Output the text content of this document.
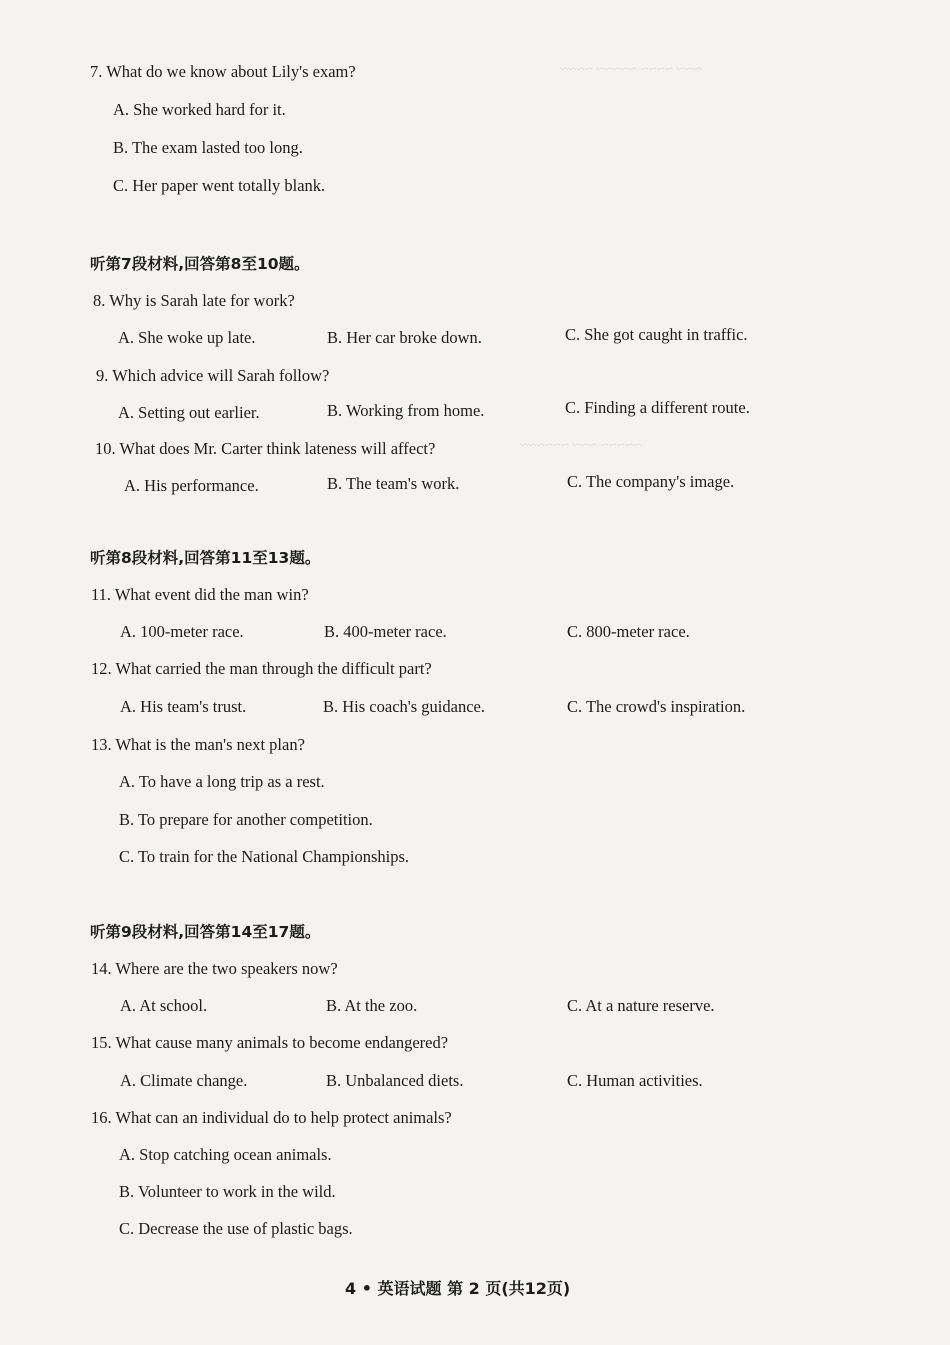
~~~ ~~~~ ~~~~~ ~~~~
~~~~~ ~~~ ~~~~~~
7. What do we know about Lily's exam?
A. She worked hard for it.
B. The exam lasted too long.
C. Her paper went totally blank.
听第7段材料,回答第8至10题。
8. Why is Sarah late for work?
A. She woke up late.	B. Her car broke down.	C. She got caught in traffic.
9. Which advice will Sarah follow?
A. Setting out earlier.	B. Working from home.	C. Finding a different route.
10. What does Mr. Carter think lateness will affect?
A. His performance.	B. The team's work.	C. The company's image.
听第8段材料,回答第11至13题。
11. What event did the man win?
A. 100-meter race.	B. 400-meter race.	C. 800-meter race.
12. What carried the man through the difficult part?
A. His team's trust.	B. His coach's guidance.	C. The crowd's inspiration.
13. What is the man's next plan?
A. To have a long trip as a rest.
B. To prepare for another competition.
C. To train for the National Championships.
听第9段材料,回答第14至17题。
14. Where are the two speakers now?
A. At school.	B. At the zoo.	C. At a nature reserve.
15. What cause many animals to become endangered?
A. Climate change.	B. Unbalanced diets.	C. Human activities.
16. What can an individual do to help protect animals?
A. Stop catching ocean animals.
B. Volunteer to work in the wild.
C. Decrease the use of plastic bags.
4 • 英语试题 第 2 页(共12页)
